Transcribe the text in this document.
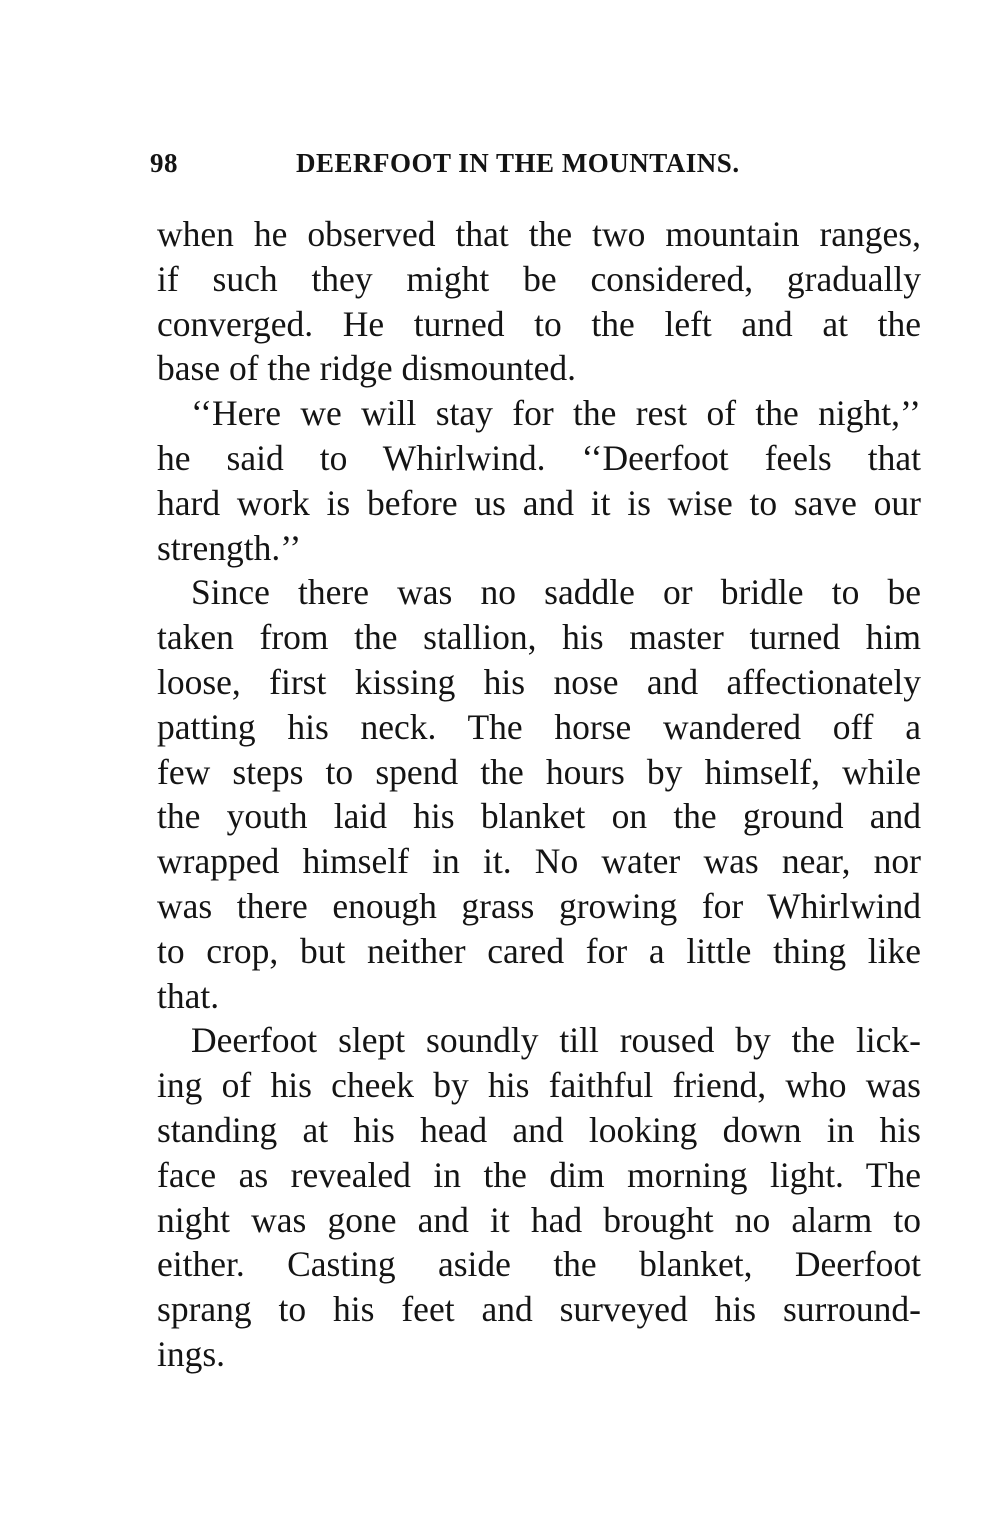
98	DEERFOOT IN THE MOUNTAINS.
when he observed that the two mountain ranges,
if such they might be considered, gradually
converged. He turned to the left and at the
base of the ridge dismounted.
‘‘Here we will stay for the rest of the night,’’
he said to Whirlwind. ‘‘Deerfoot feels that
hard work is before us and it is wise to save our
strength.’’
Since there was no saddle or bridle to be
taken from the stallion, his master turned him
loose, first kissing his nose and affectionately
patting his neck. The horse wandered off a
few steps to spend the hours by himself, while
the youth laid his blanket on the ground and
wrapped himself in it. No water was near, nor
was there enough grass growing for Whirlwind
to crop, but neither cared for a little thing like
that.
Deerfoot slept soundly till roused by the lick-
ing of his cheek by his faithful friend, who was
standing at his head and looking down in his
face as revealed in the dim morning light. The
night was gone and it had brought no alarm to
either. Casting aside the blanket, Deerfoot
sprang to his feet and surveyed his surround-
ings.
